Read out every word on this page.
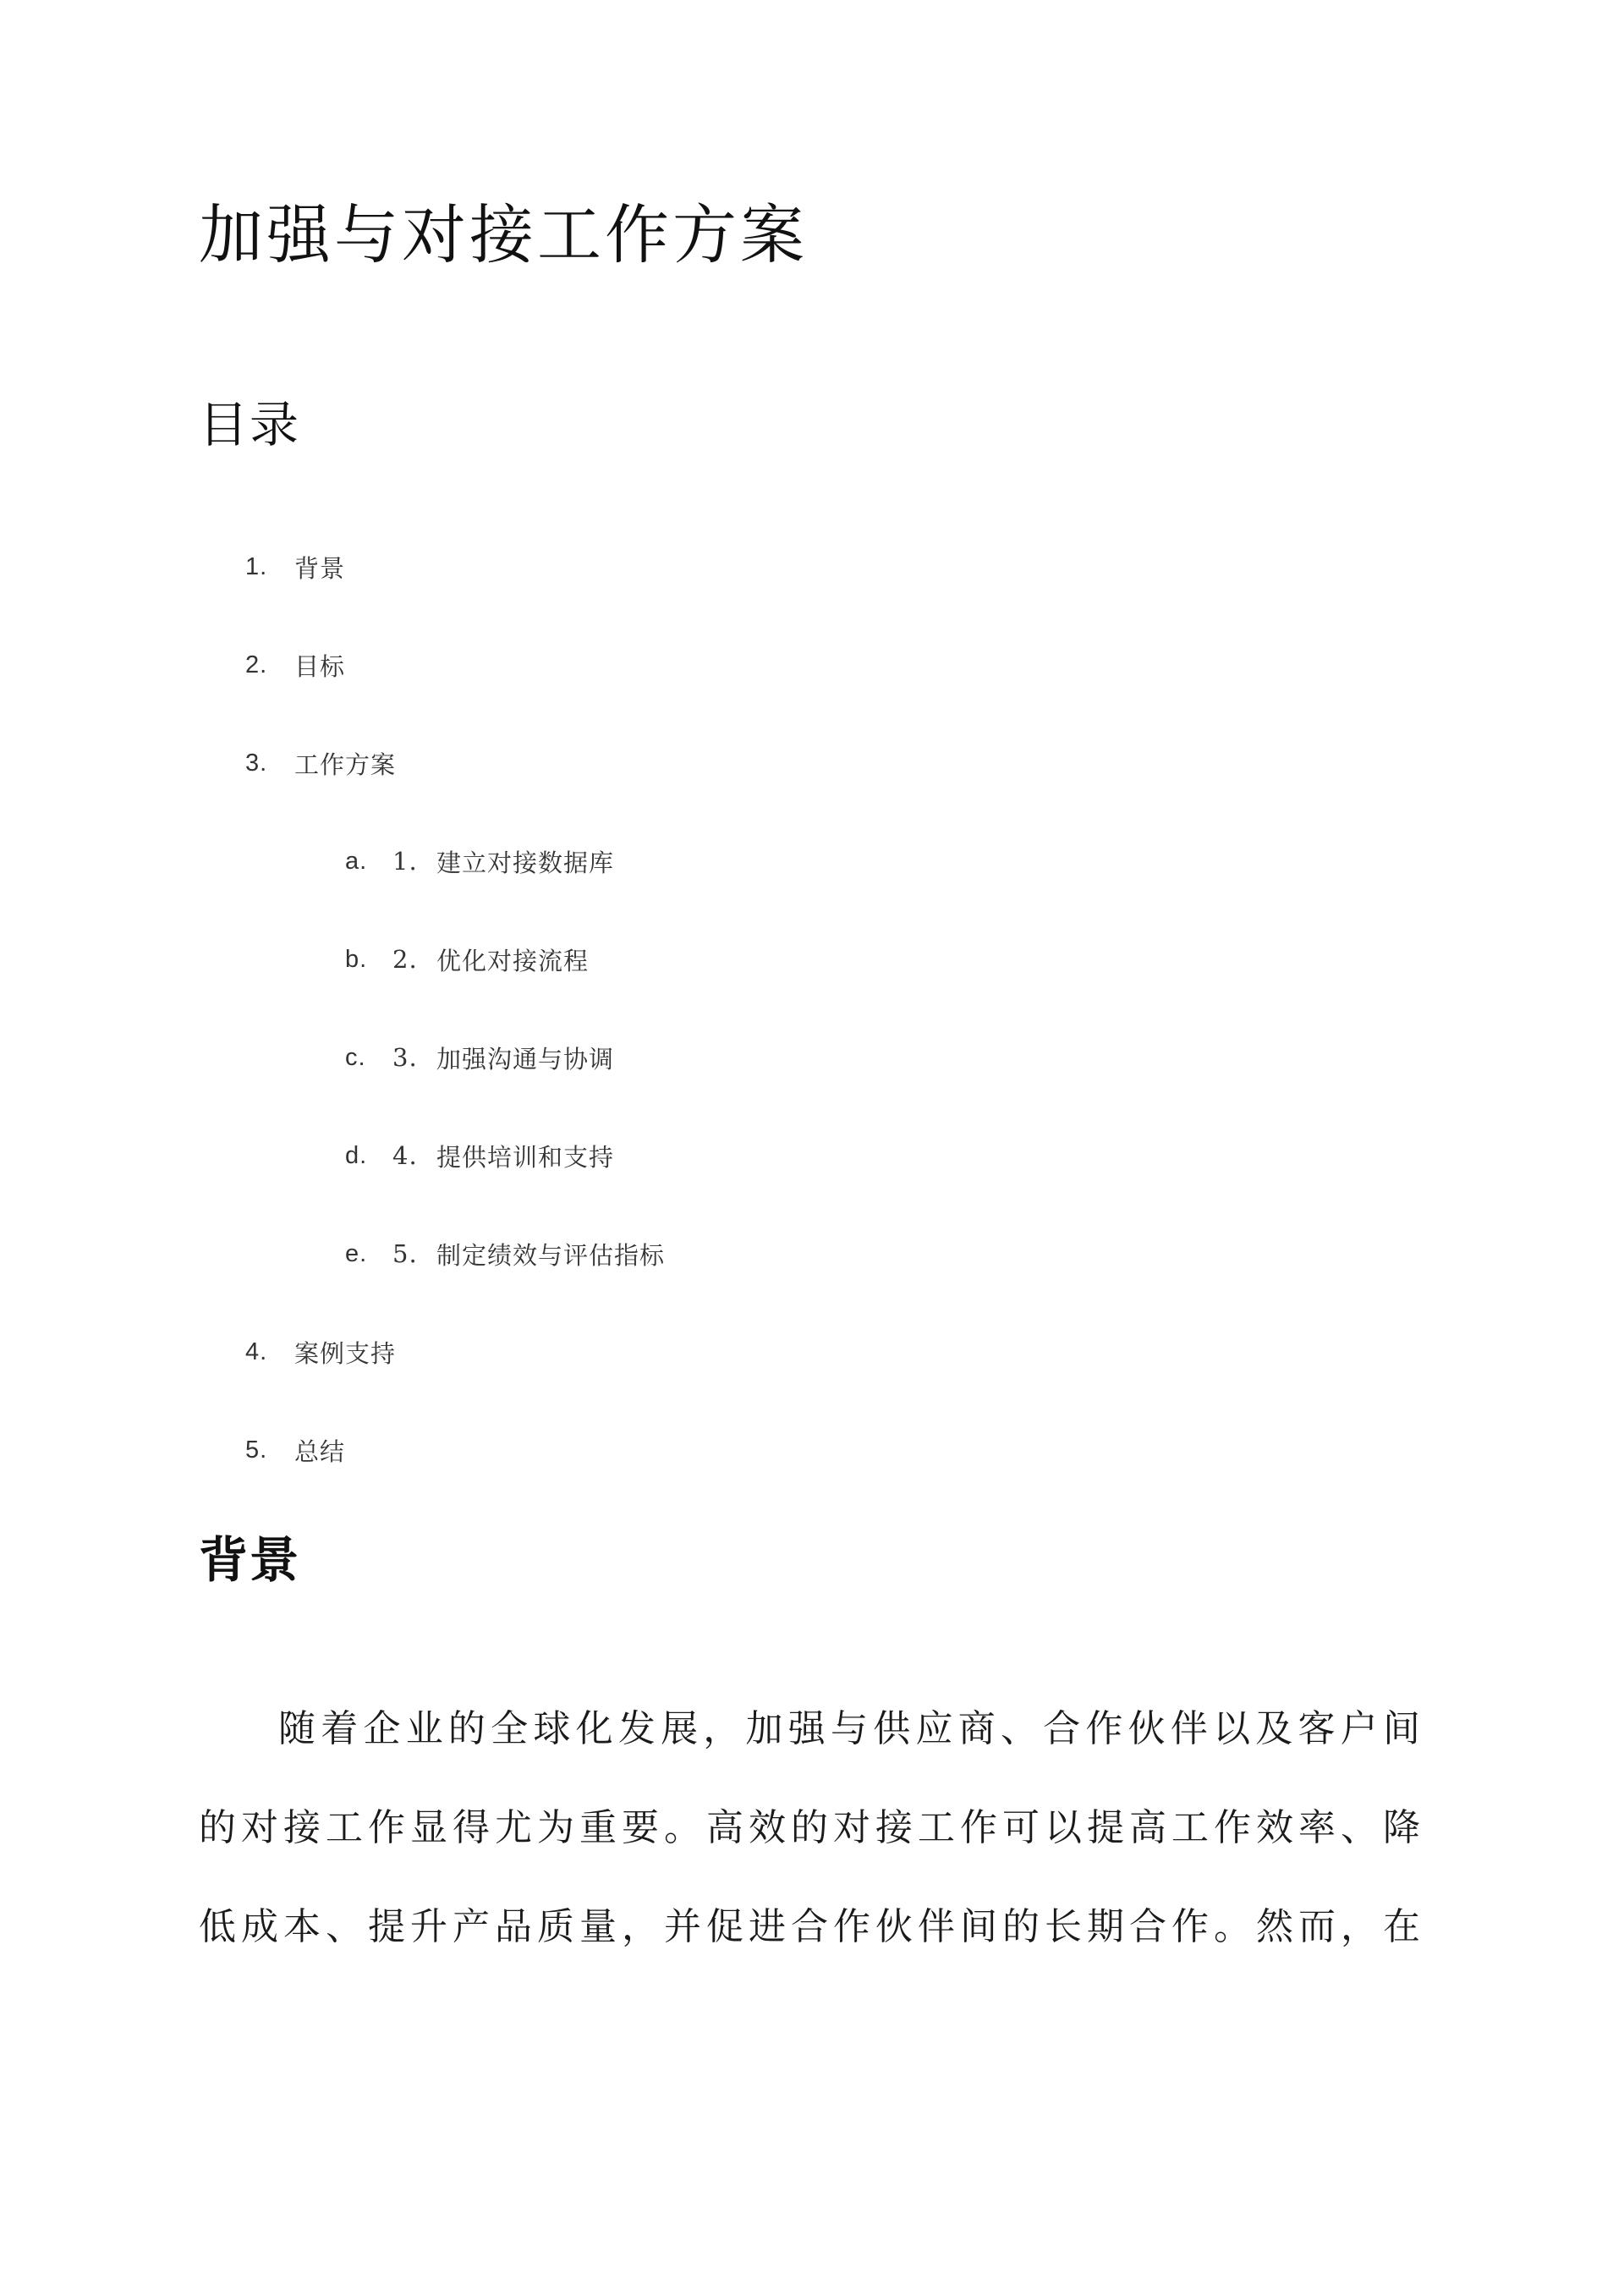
加强与对接工作方案
目录
1.	背景
2.	目标
3.	工作方案
a.	1. 建立对接数据库
b.	2. 优化对接流程
c.	3. 加强沟通与协调
d.	4. 提供培训和支持
e.	5. 制定绩效与评估指标
4.	案例支持
5.	总结
背景

随着企业的全球化发展，加强与供应商、合作伙伴以及客户间的对接工作显得尤为重要。高效的对接工作可以提高工作效率、降低成本、提升产品质量，并促进合作伙伴间的长期合作。然而，在
